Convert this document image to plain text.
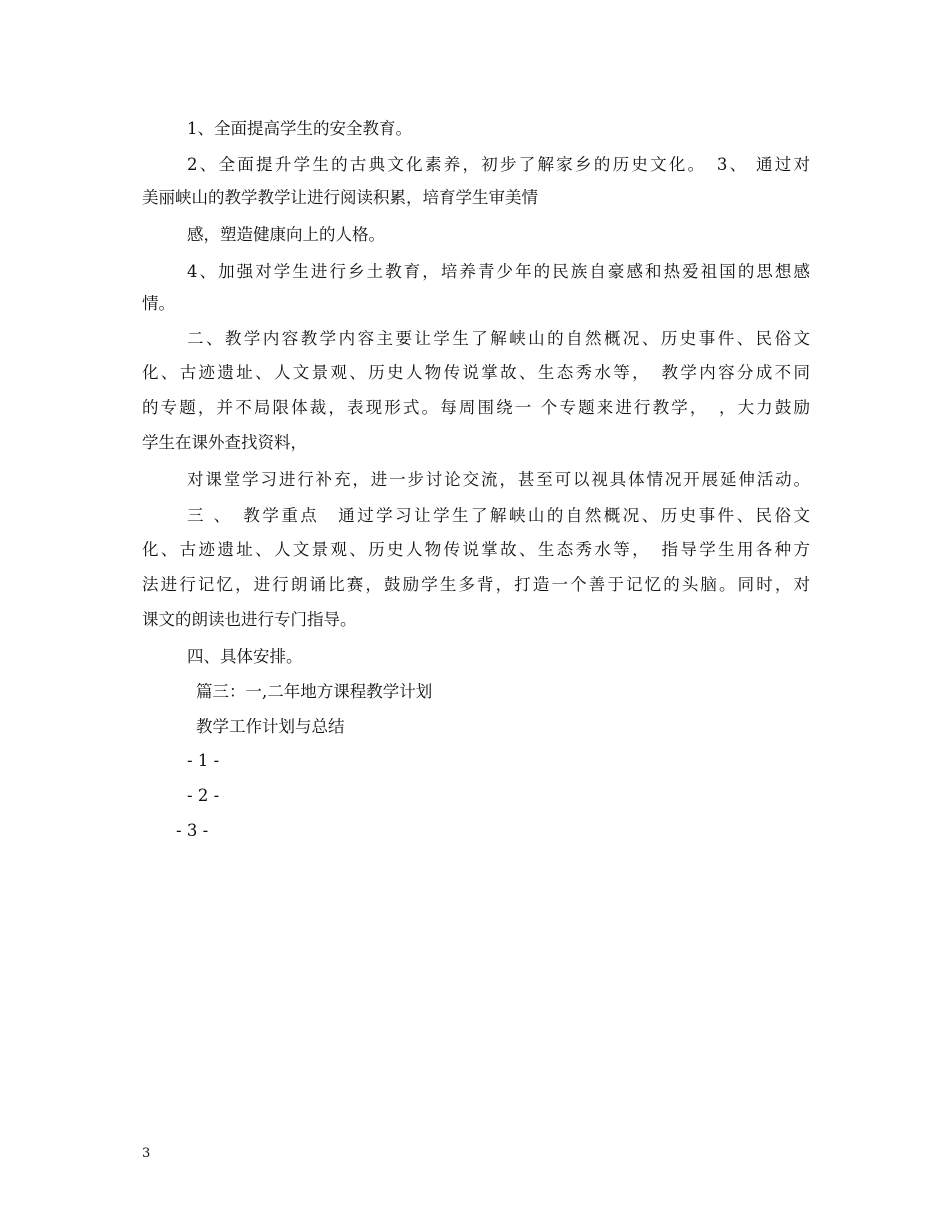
1、全面提高学生的安全教育。
2、全面提升学生的古典文化素养，初步了解家乡的历史文化。　3、 通过对
美丽峡山的教学教学让进行阅读积累，培育学生审美情
感，塑造健康向上的人格。
4、加强对学生进行乡土教育，培养青少年的民族自豪感和热爱祖国的思想感
情。
二、教学内容教学内容主要让学生了解峡山的自然概况、历史事件、民俗文
化、古迹遗址、人文景观、历史人物传说掌故、生态秀水等，　教学内容分成不同
的专题，并不局限体裁，表现形式。每周围绕一 个专题来进行教学，　，大力鼓励
学生在课外查找资料，
对课堂学习进行补充，进一步讨论交流，甚至可以视具体情况开展延伸活动。
三 、　教学重点　通过学习让学生了解峡山的自然概况、历史事件、民俗文
化、古迹遗址、人文景观、历史人物传说掌故、生态秀水等，　指导学生用各种方
法进行记忆，进行朗诵比赛，鼓励学生多背，打造一个善于记忆的头脑。同时，对
课文的朗读也进行专门指导。
四、具体安排。
篇三：一,二年地方课程教学计划
教学工作计划与总结
- 1 -
- 2 -
- 3 -
3
